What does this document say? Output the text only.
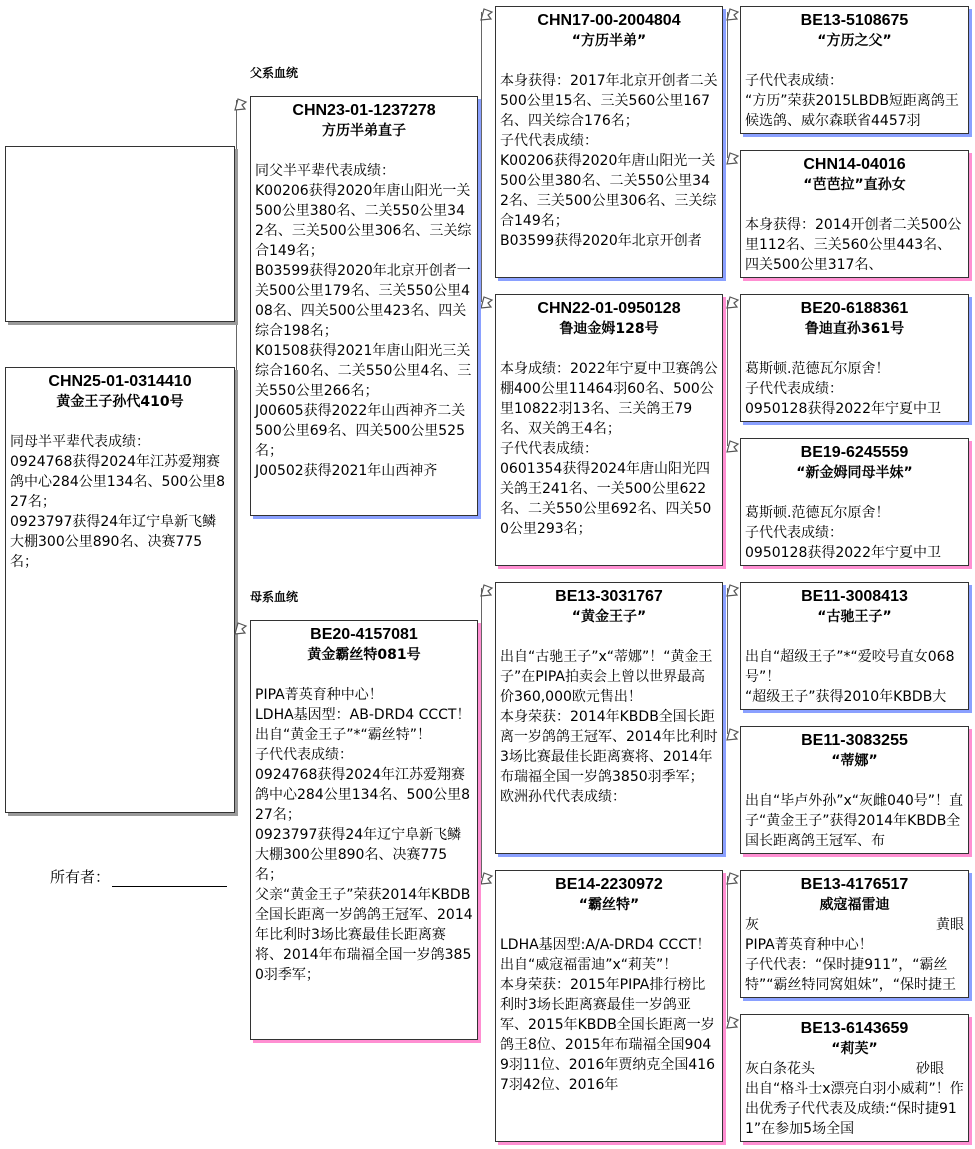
CHN25-01-0314410
黄金王子孙代410号
同母半平辈代表成绩：
0924768获得2024年江苏爱翔赛鸽中心284公里134名、500公里827名；
0923797获得24年辽宁阜新飞鳞大棚300公里890名、决赛775名；
所有者：
父系血统
母系血统
CHN23-01-1237278
方历半弟直子
同父半平辈代表成绩：
K00206获得2020年唐山阳光一关500公里380名、二关550公里342名、三关500公里306名、三关综合149名；
B03599获得2020年北京开创者一关500公里179名、三关550公里408名、四关500公里423名、四关综合198名；
K01508获得2021年唐山阳光三关综合160名、二关550公里4名、三关550公里266名；
J00605获得2022年山西神齐二关500公里69名、四关500公里525名；
J00502获得2021年山西神齐
BE20-4157081
黄金霸丝特081号
PIPA菁英育种中心！
LDHA基因型：AB-DRD4 CCCT！出自“黄金王子”*“霸丝特”！
子代代表成绩：
0924768获得2024年江苏爱翔赛鸽中心284公里134名、500公里827名；
0923797获得24年辽宁阜新飞鳞大棚300公里890名、决赛775名；
父亲“黄金王子”荣获2014年KBDB全国长距离一岁鸽鸽王冠军、2014年比利时3场比赛最佳长距离赛将、2014年布瑞福全国一岁鸽3850羽季军；
CHN17-00-2004804
“方历半弟”
本身获得：2017年北京开创者二关500公里15名、三关560公里167名、四关综合176名；
子代代表成绩：
K00206获得2020年唐山阳光一关500公里380名、二关550公里342名、三关500公里306名、三关综合149名；
B03599获得2020年北京开创者
CHN22-01-0950128
鲁迪金姆128号
本身成绩：2022年宁夏中卫赛鸽公棚400公里11464羽60名、500公里10822羽13名、三关鸽王79名、双关鸽王4名；
子代代表成绩：
0601354获得2024年唐山阳光四关鸽王241名、一关500公里622名、二关550公里692名、四关500公里293名；
BE13-3031767
“黄金王子”
出自“古驰王子”x“蒂娜”！“黄金王子”在PIPA拍卖会上曾以世界最高价360,000欧元售出！
本身荣获：2014年KBDB全国长距离一岁鸽鸽王冠军、2014年比利时3场比赛最佳长距离赛将、2014年布瑞福全国一岁鸽3850羽季军；
欧洲孙代代表成绩：
BE14-2230972
“霸丝特”
LDHA基因型:A/A-DRD4 CCCT！
出自“威寇福雷迪”x“莉芙”！
本身荣获：2015年PIPA排行榜比利时3场长距离赛最佳一岁鸽亚军、2015年KBDB全国长距离一岁鸽王8位、2015年布瑞福全国9049羽11位、2016年贾纳克全国4167羽42位、2016年
BE13-5108675
“方历之父”
子代代表成绩：
“方历”荣获2015LBDB短距离鸽王候选鸽、威尔森联省4457羽
CHN14-04016
“芭芭拉”直孙女
本身获得：2014开创者二关500公里112名、三关560公里443名、四关500公里317名、
BE20-6188361
鲁迪直孙361号
葛斯顿.范德瓦尔原舍！
子代代表成绩：
0950128获得2022年宁夏中卫
BE19-6245559
“新金姆同母半妹”
葛斯顿.范德瓦尔原舍！
子代代表成绩：
0950128获得2022年宁夏中卫
BE11-3008413
“古驰王子”
出自“超级王子”*“爱咬号直女068号”！
“超级王子”获得2010年KBDB大
BE11-3083255
“蒂娜”
出自“毕卢外孙”x“灰雌040号”！直子“黄金王子”获得2014年KBDB全国长距离鸽王冠军、布
BE13-4176517
威寇福雷迪
灰	黄眼
PIPA菁英育种中心！
子代代表：“保时捷911”，“霸丝特”“霸丝特同窝姐妹”，“保时捷王
BE13-6143659
“莉芙”
灰白条花头	砂眼
出自“格斗士x漂亮白羽小威莉”！作出优秀子代代表及成绩:“保时捷911”在参加5场全国
